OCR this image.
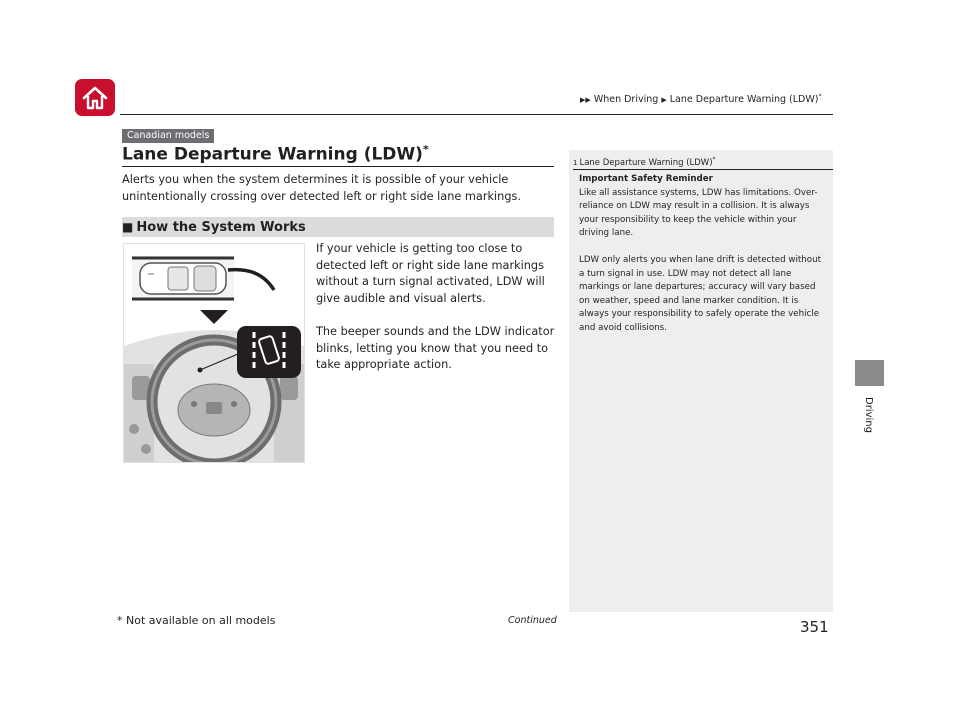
▶▶ When Driving ▶ Lane Departure Warning (LDW)*
Driving
Canadian models
Lane Departure Warning (LDW)*

Alerts you when the system determines it is possible of your vehicle unintentionally crossing over detected left or right side lane markings.

■ How the System Works

If your vehicle is getting too close to detected left or right side lane markings without a turn signal activated, LDW will give audible and visual alerts.

The beeper sounds and the LDW indicator blinks, letting you know that you need to take appropriate action.

1 Lane Departure Warning (LDW)*

Important Safety Reminder
Like all assistance systems, LDW has limitations. Over-reliance on LDW may result in a collision. It is always your responsibility to keep the vehicle within your driving lane.

LDW only alerts you when lane drift is detected without a turn signal in use. LDW may not detect all lane markings or lane departures; accuracy will vary based on weather, speed and lane marker condition. It is always your responsibility to safely operate the vehicle and avoid collisions.

* Not available on all models	Continued	351
